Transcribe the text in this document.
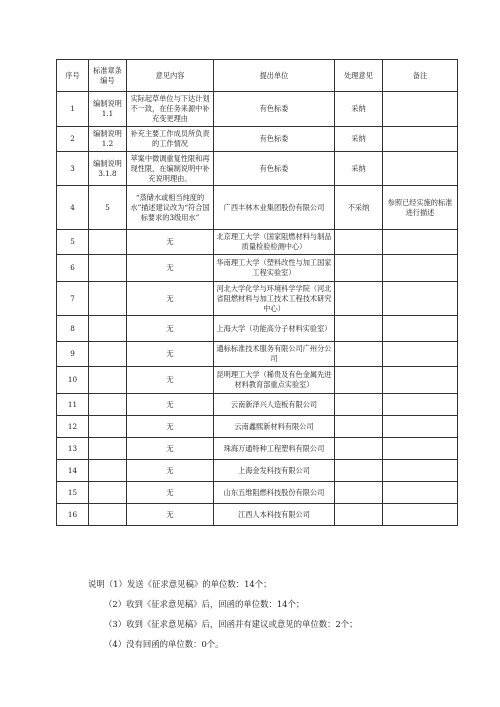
序号	标准章条编号	意见内容	提出单位	处理意见	备注
1	编制说明 1.1	实际起草单位与下达计划不一致，在任务来源中补充变更理由	有色标委	采纳	
2	编制说明 1.2	补充主要工作成员所负责的工作情况	有色标委	采纳	
3	编制说明 3.1.8	萃案中微调重复性限和再现性限，在编制说明中补充说明理由。	有色标委	采纳	
4	5	“蒸储水或相当纯度的水”描述建议改为“符合国标要求的3级用水”	广西丰林木业集团股份有限公司	不采纳	参照已经实施的标准进行描述
5		无	北京理工大学（国家阻燃材料与制品质量检验检测中心）		
6		无	华南理工大学（塑料改性与加工国家工程实验室）		
7		无	河北大学化学与环境科学学院（河北省阻燃材料与加工技术工程技术研究中心）		
8		无	上海大学（功能高分子材料实验室）		
9		无	通标标准技术服务有限公司广州分公司		
10		无	昆明理工大学（稀贵及有色金属先进材料教育部重点实验室）		
11		无	云南新泽兴人造板有限公司		
12		无	云南鑫熙新材料有限公司		
13		无	珠海万通特种工程塑料有限公司		
14		无	上海金发科技有限公司		
15		无	山东五维阻燃科技股份有限公司		
16		无	江西人本科技有限公司		
说明（1）发送《征求意见稿》的单位数：14个；
（2）收到《征求意见稿》后，回函的单位数：14个；
（3）收到《征求意见稿》后，回函并有建议或意见的单位数：2个；
（4）没有回函的单位数：0个。
